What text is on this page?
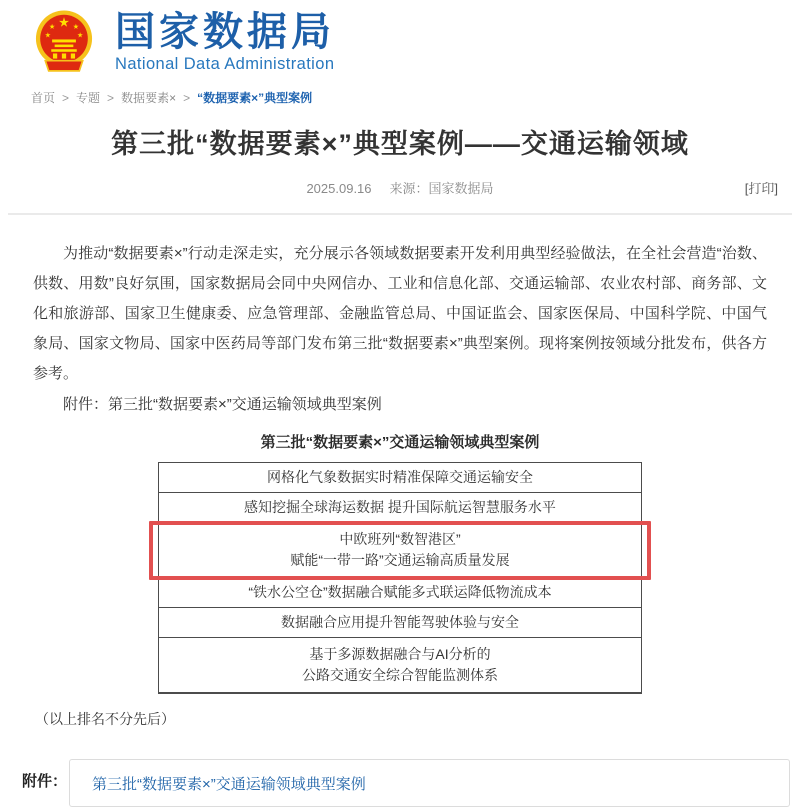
国家数据局
National Data Administration
首页 > 专题 > 数据要素× > “数据要素×”典型案例
第三批“数据要素×”典型案例——交通运输领域
2025.09.16 来源：国家数据局	[打印]

为推动“数据要素×”行动走深走实，充分展示各领域数据要素开发利用典型经验做法，在全社会营造“治数、供数、用数”良好氛围，国家数据局会同中央网信办、工业和信息化部、交通运输部、农业农村部、商务部、文化和旅游部、国家卫生健康委、应急管理部、金融监管总局、中国证监会、国家医保局、中国科学院、中国气象局、国家文物局、国家中医药局等部门发布第三批“数据要素×”典型案例。现将案例按领域分批发布，供各方参考。

附件：第三批“数据要素×”交通运输领域典型案例

第三批“数据要素×”交通运输领域典型案例
网格化气象数据实时精准保障交通运输安全
感知挖掘全球海运数据 提升国际航运智慧服务水平
中欧班列“数智港区”
赋能“一带一路”交通运输高质量发展
“铁水公空仓”数据融合赋能多式联运降低物流成本
数据融合应用提升智能驾驶体验与安全
基于多源数据融合与AI分析的
公路交通安全综合智能监测体系

（以上排名不分先后）

附件： 第三批“数据要素×”交通运输领域典型案例
